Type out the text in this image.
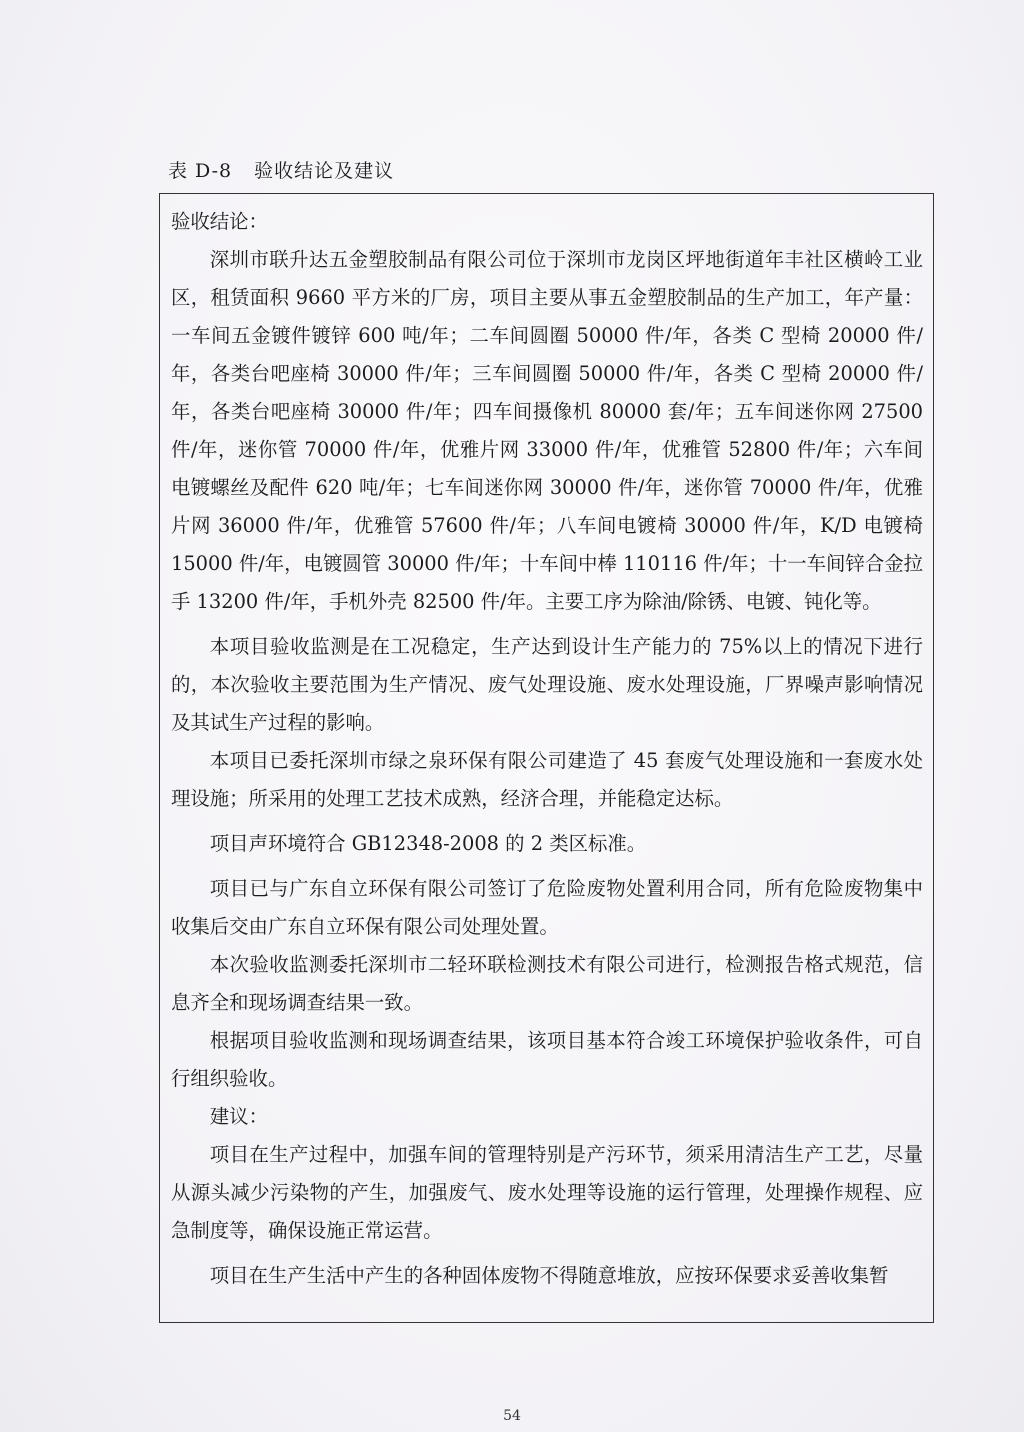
表 D-8 验收结论及建议

验收结论：

深圳市联升达五金塑胶制品有限公司位于深圳市龙岗区坪地街道年丰社区横岭工业区，租赁面积 9660 平方米的厂房，项目主要从事五金塑胶制品的生产加工，年产量：一车间五金镀件镀锌 600 吨/年；二车间圆圈 50000 件/年，各类 C 型椅 20000 件/年，各类台吧座椅 30000 件/年；三车间圆圈 50000 件/年，各类 C 型椅 20000 件/年，各类台吧座椅 30000 件/年；四车间摄像机 80000 套/年；五车间迷你网 27500 件/年，迷你管 70000 件/年，优雅片网 33000 件/年，优雅管 52800 件/年；六车间电镀螺丝及配件 620 吨/年；七车间迷你网 30000 件/年，迷你管 70000 件/年，优雅片网 36000 件/年，优雅管 57600 件/年；八车间电镀椅 30000 件/年，K/D 电镀椅 15000 件/年，电镀圆管 30000 件/年；十车间中棒 110116 件/年；十一车间锌合金拉手 13200 件/年，手机外壳 82500 件/年。主要工序为除油/除锈、电镀、钝化等。

本项目验收监测是在工况稳定，生产达到设计生产能力的 75%以上的情况下进行的，本次验收主要范围为生产情况、废气处理设施、废水处理设施，厂界噪声影响情况及其试生产过程的影响。

本项目已委托深圳市绿之泉环保有限公司建造了 45 套废气处理设施和一套废水处理设施；所采用的处理工艺技术成熟，经济合理，并能稳定达标。

项目声环境符合 GB12348-2008 的 2 类区标准。

项目已与广东自立环保有限公司签订了危险废物处置利用合同，所有危险废物集中收集后交由广东自立环保有限公司处理处置。

本次验收监测委托深圳市二轻环联检测技术有限公司进行，检测报告格式规范，信息齐全和现场调查结果一致。

根据项目验收监测和现场调查结果，该项目基本符合竣工环境保护验收条件，可自行组织验收。

建议：

项目在生产过程中，加强车间的管理特别是产污环节，须采用清洁生产工艺，尽量从源头减少污染物的产生，加强废气、废水处理等设施的运行管理，处理操作规程、应急制度等，确保设施正常运营。

项目在生产生活中产生的各种固体废物不得随意堆放，应按环保要求妥善收集暂

54
